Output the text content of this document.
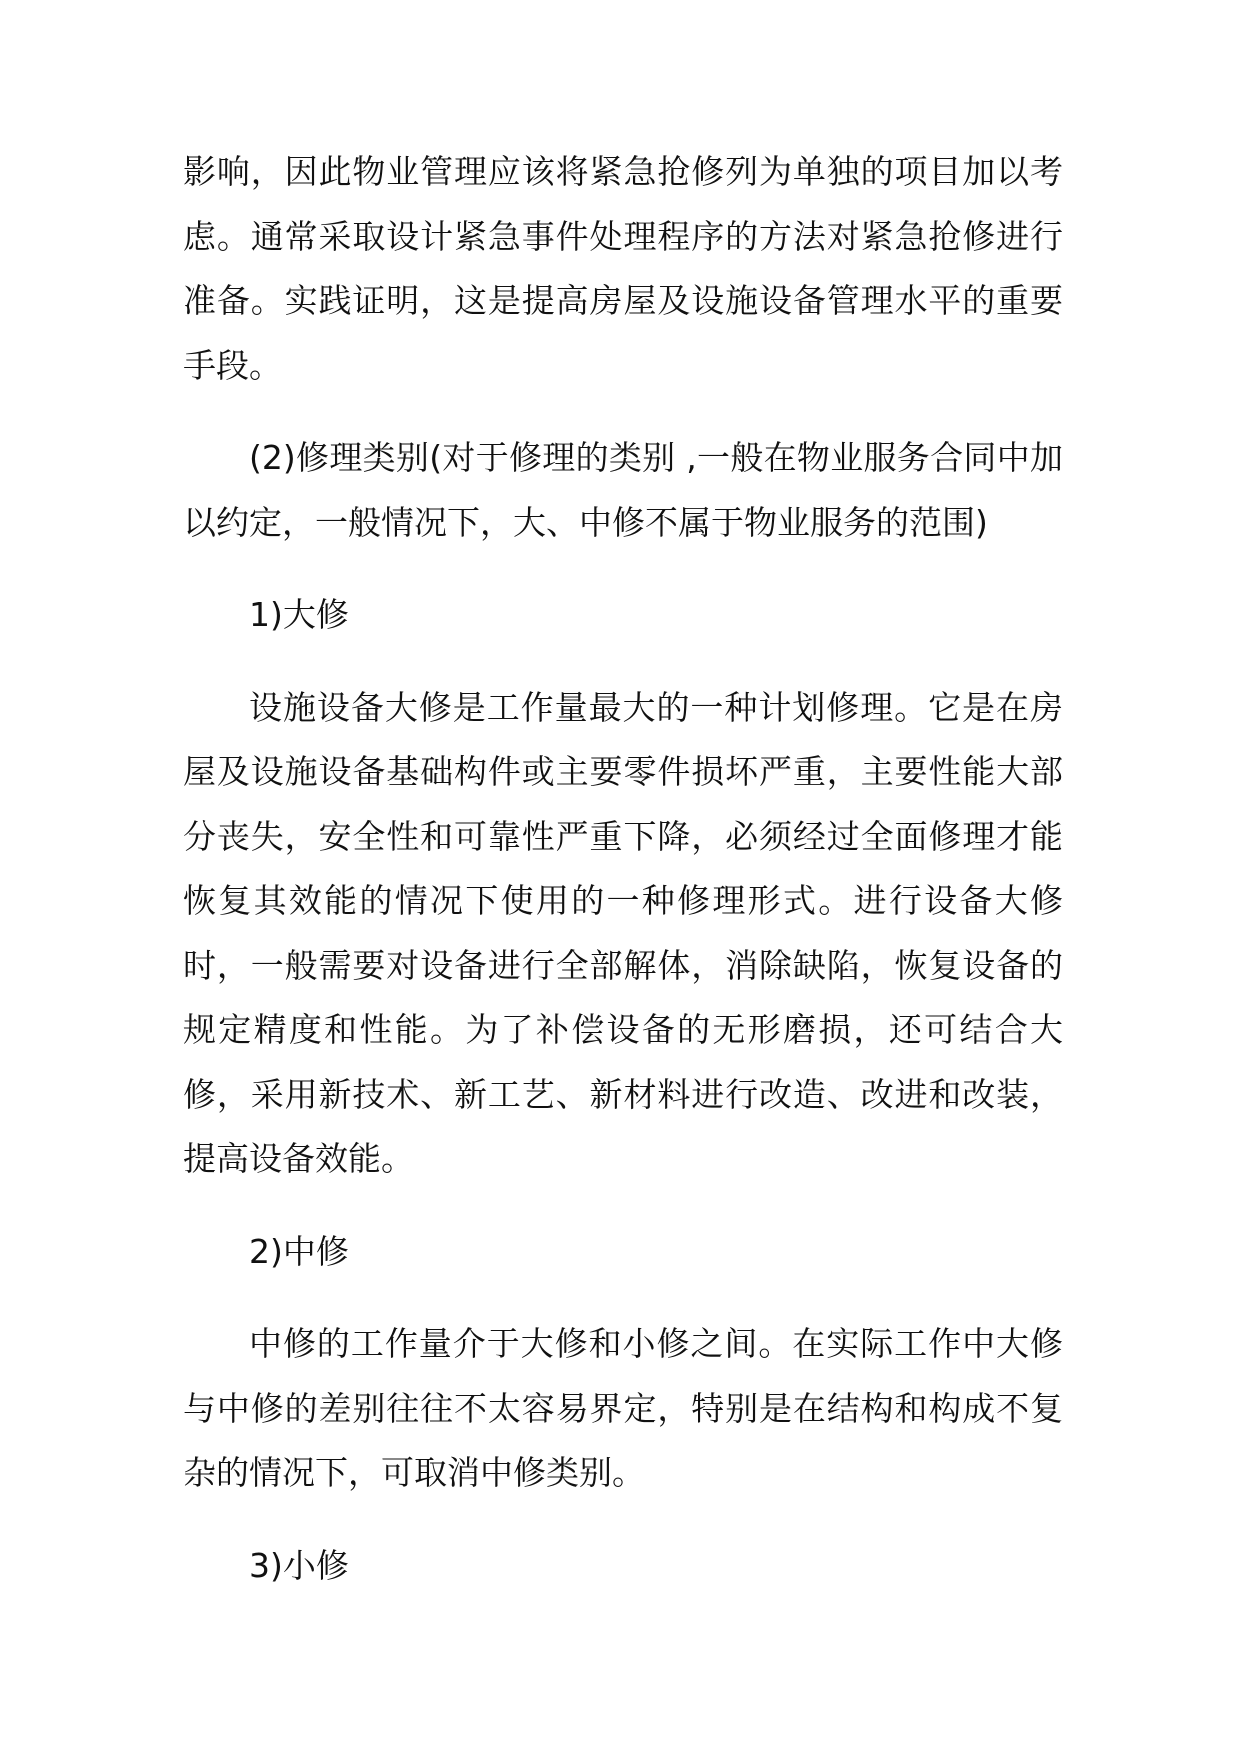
影响，因此物业管理应该将紧急抢修列为单独的项目加以考虑。通常采取设计紧急事件处理程序的方法对紧急抢修进行准备。实践证明，这是提高房屋及设施设备管理水平的重要手段。

(2)修理类别(对于修理的类别 ,一般在物业服务合同中加以约定，一般情况下，大、中修不属于物业服务的范围)

1)大修

设施设备大修是工作量最大的一种计划修理。它是在房屋及设施设备基础构件或主要零件损坏严重，主要性能大部分丧失，安全性和可靠性严重下降，必须经过全面修理才能恢复其效能的情况下使用的一种修理形式。进行设备大修时，一般需要对设备进行全部解体，消除缺陷，恢复设备的规定精度和性能。为了补偿设备的无形磨损，还可结合大修，采用新技术、新工艺、新材料进行改造、改进和改装，提高设备效能。

2)中修

中修的工作量介于大修和小修之间。在实际工作中大修与中修的差别往往不太容易界定，特别是在结构和构成不复杂的情况下，可取消中修类别。

3)小修
